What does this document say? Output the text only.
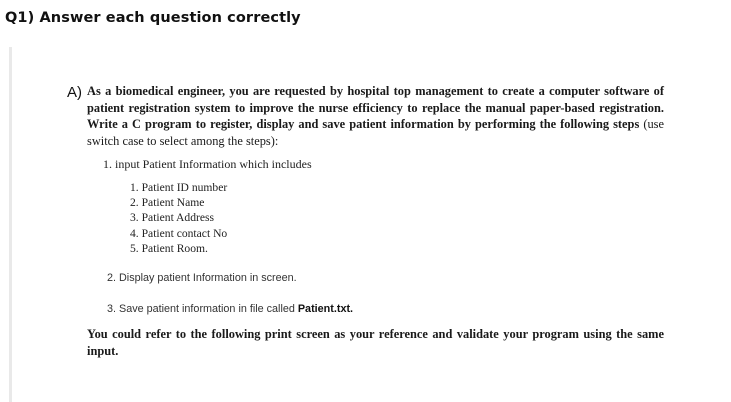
Q1) Answer each question correctly
A) As a biomedical engineer, you are requested by hospital top management to create a computer software of patient registration system to improve the nurse efficiency to replace the manual paper-based registration. Write a C program to register, display and save patient information by performing the following steps (use switch case to select among the steps):
1. input Patient Information which includes
1. Patient ID number
2. Patient Name
3. Patient Address
4. Patient contact No
5. Patient Room.
2. Display patient Information in screen.
3. Save patient information in file called Patient.txt.
You could refer to the following print screen as your reference and validate your program using the same input.
